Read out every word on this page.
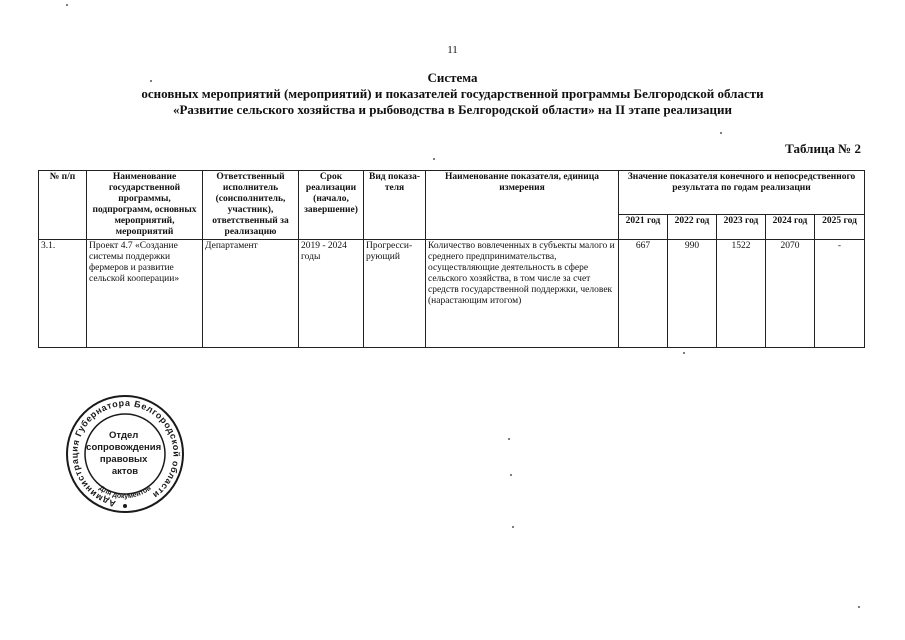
11
Система
основных мероприятий (мероприятий) и показателей государственной программы Белгородской области
«Развитие сельского хозяйства и рыбоводства в Белгородской области» на II этапе реализации
Таблица № 2
№ п/п	Наименование государственной программы, подпрограмм, основных мероприятий, мероприятий	Ответственный исполнитель (соисполнитель, участник), ответственный за реализацию	Срок реализации (начало, завершение)	Вид показа-теля	Наименование показателя, единица измерения	Значение показателя конечного и непосредственного результата по годам реализации				
						2021 год	2022 год	2023 год	2024 год	2025 год
3.1.	Проект 4.7 «Создание системы поддержки фермеров и развитие сельской кооперации»	Департамент	2019 - 2024 годы	Прогресси-рующий	Количество вовлеченных в субъекты малого и среднего предпринимательства, осуществляющие деятельность в сфере сельского хозяйства, в том числе за счет средств государственной поддержки, человек (нарастающим итогом)	667	990	1522	2070	-
Администрация Губернатора Белгородской области
Отдел сопровождения правовых актов
Для документов
